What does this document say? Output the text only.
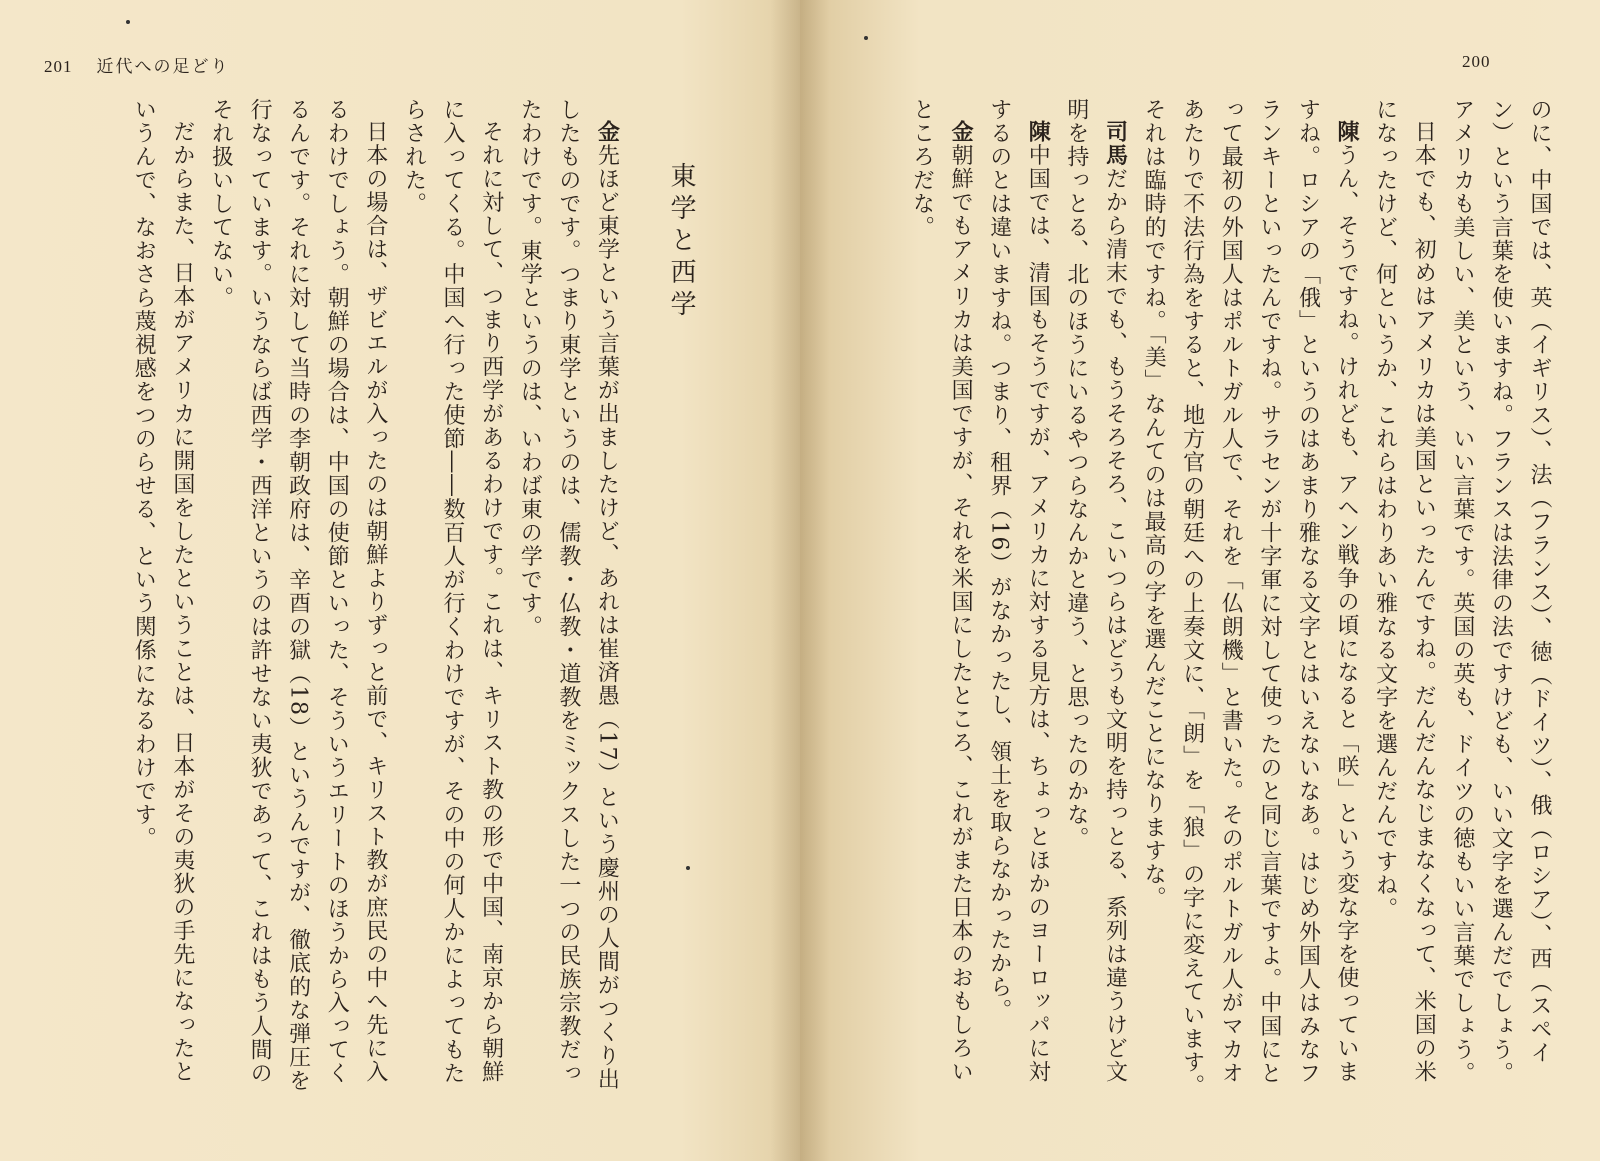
201 近代への足どり
東学と西学

金先ほど東学という言葉が出ましたけど、あれは崔済愚（17）という慶州の人間がつくり出したものです。つまり東学というのは、儒教・仏教・道教をミックスした一つの民族宗教だったわけです。東学というのは、いわば東の学です。

それに対して、つまり西学があるわけです。これは、キリスト教の形で中国、南京から朝鮮に入ってくる。中国へ行った使節――数百人が行くわけですが、その中の何人かによってもたらされた。

日本の場合は、ザビエルが入ったのは朝鮮よりずっと前で、キリスト教が庶民の中へ先に入るわけでしょう。朝鮮の場合は、中国の使節といった、そういうエリートのほうから入ってくるんです。それに対して当時の李朝政府は、辛酉の獄（18）というんですが、徹底的な弾圧を行なっています。いうならば西学・西洋というのは許せない夷狄であって、これはもう人間のそれ扱いしてない。

だからまた、日本がアメリカに開国をしたということは、日本がその夷狄の手先になったというんで、なおさら蔑視感をつのらせる、という関係になるわけです。

200

のに、中国では、英（イギリス）、法（フランス）、徳（ドイツ）、俄（ロシア）、西（スペイン）という言葉を使いますね。フランスは法律の法ですけども、いい文字を選んだでしょう。アメリカも美しい、美という、いい言葉です。英国の英も、ドイツの徳もいい言葉でしょう。

日本でも、初めはアメリカは美国といったんですね。だんだんなじまなくなって、米国の米になったけど、何というか、これらはわりあい雅なる文字を選んだんですね。

陳うん、そうですね。けれども、アヘン戦争の頃になると「咲」という変な字を使っていますね。ロシアの「俄」というのはあまり雅なる文字とはいえないなあ。はじめ外国人はみなフランキーといったんですね。サラセンが十字軍に対して使ったのと同じ言葉ですよ。中国にとって最初の外国人はポルトガル人で、それを「仏朗機」と書いた。そのポルトガル人がマカオあたりで不法行為をすると、地方官の朝廷への上奏文に、「朗」を「狼」の字に変えています。それは臨時的ですね。「美」なんてのは最高の字を選んだことになりますな。

司馬だから清末でも、もうそろそろ、こいつらはどうも文明を持っとる、系列は違うけど文明を持っとる、北のほうにいるやつらなんかと違う、と思ったのかな。

陳中国では、清国もそうですが、アメリカに対する見方は、ちょっとほかのヨーロッパに対するのとは違いますね。つまり、租界（16）がなかったし、領土を取らなかったから。

金朝鮮でもアメリカは美国ですが、それを米国にしたところ、これがまた日本のおもしろいところだな。
